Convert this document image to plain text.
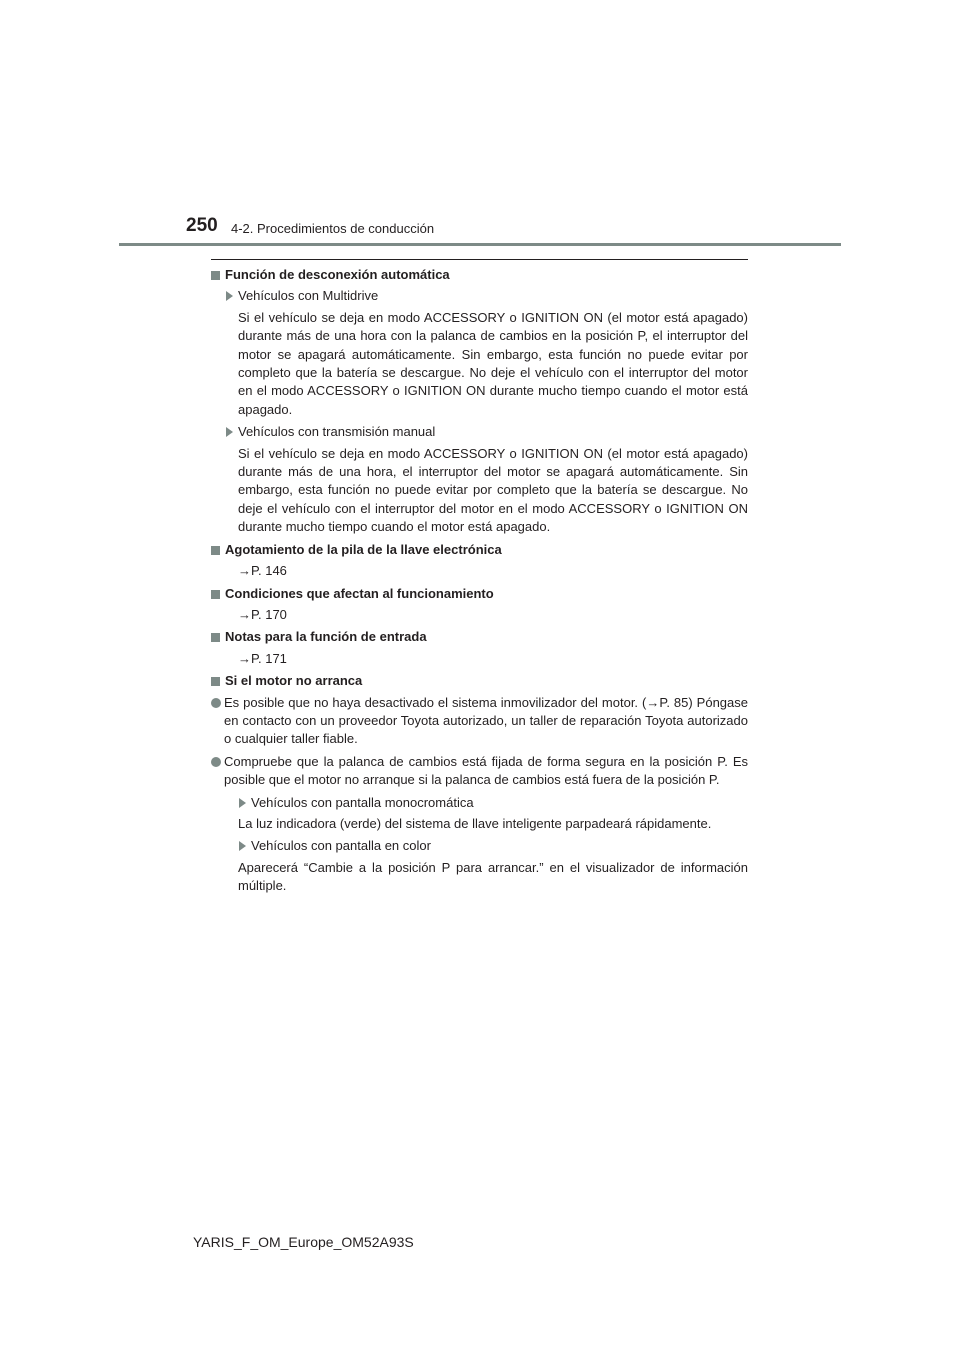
250 4-2. Procedimientos de conducción
Función de desconexión automática
Vehículos con Multidrive
Si el vehículo se deja en modo ACCESSORY o IGNITION ON (el motor está apagado) durante más de una hora con la palanca de cambios en la posición P, el interruptor del motor se apagará automáticamente. Sin embargo, esta función no puede evitar por completo que la batería se descargue. No deje el vehículo con el interruptor del motor en el modo ACCESSORY o IGNITION ON durante mucho tiempo cuando el motor está apagado.
Vehículos con transmisión manual
Si el vehículo se deja en modo ACCESSORY o IGNITION ON (el motor está apagado) durante más de una hora, el interruptor del motor se apagará automáticamente. Sin embargo, esta función no puede evitar por completo que la batería se descargue. No deje el vehículo con el interruptor del motor en el modo ACCESSORY o IGNITION ON durante mucho tiempo cuando el motor está apagado.
Agotamiento de la pila de la llave electrónica
→P. 146
Condiciones que afectan al funcionamiento
→P. 170
Notas para la función de entrada
→P. 171
Si el motor no arranca
Es posible que no haya desactivado el sistema inmovilizador del motor. (→P. 85) Póngase en contacto con un proveedor Toyota autorizado, un taller de reparación Toyota autorizado o cualquier taller fiable.
Compruebe que la palanca de cambios está fijada de forma segura en la posición P. Es posible que el motor no arranque si la palanca de cambios está fuera de la posición P.
Vehículos con pantalla monocromática
La luz indicadora (verde) del sistema de llave inteligente parpadeará rápidamente.
Vehículos con pantalla en color
Aparecerá “Cambie a la posición P para arrancar.” en el visualizador de información múltiple.
YARIS_F_OM_Europe_OM52A93S
